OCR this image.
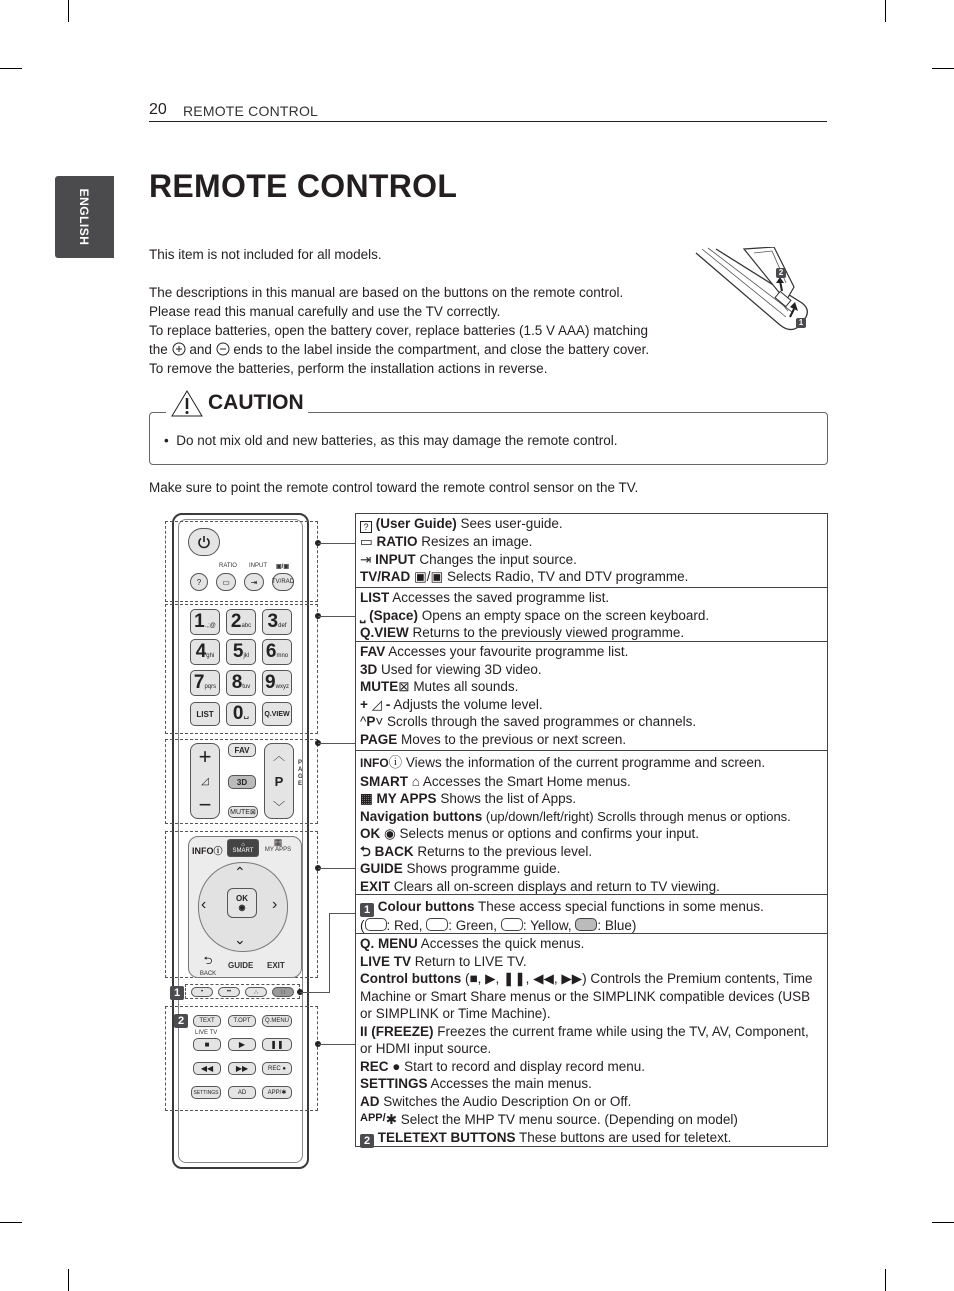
20 REMOTE CONTROL
ENGLISH
REMOTE CONTROL
This item is not included for all models.
The descriptions in this manual are based on the buttons on the remote control.
Please read this manual carefully and use the TV correctly.
To replace batteries, open the battery cover, replace batteries (1.5 V AAA) matching
the and ends to the label inside the compartment, and close the battery cover.
To remove the batteries, perform the installation actions in reverse.
2
1
CAUTION
•  Do not mix old and new batteries, as this may damage the remote control.
Make sure to point the remote control toward the remote control sensor on the TV.
RATIO INPUT ▣/▣
?	▭	⇥ TV/RAD
1.,;@ 2abc 3def
4ghi 5jkl 6mno
7pqrs 8tuv 9wxyz
LIST	0 ␣	Q.VIEW
+
◿
−
FAV
3D
MUTE ⊠
︿
P
﹀
PAGE
INFOⓘ
⌂
SMART
▦
MY APPS
⌃
⌃
‹	›
OK
◉
⮌
BACK
GUIDE EXIT
1	•	••	∴	∷
2	TEXT	T.OPT	Q.MENU
LIVE TV
■	▶	❚❚
◀◀	▶▶	REC
●
SETTINGS	AD	APP/ ✱

? (User Guide) Sees user-guide.

▭ RATIO Resizes an image.

⇥ INPUT Changes the input source.

TV/RAD ▣/▣ Selects Radio, TV and DTV programme.

LIST Accesses the saved programme list.

⎵ (Space) Opens an empty space on the screen keyboard.

Q.VIEW Returns to the previously viewed programme.

FAV Accesses your favourite programme list.

3D Used for viewing 3D video.

MUTE⊠ Mutes all sounds.

+ ◿ - Adjusts the volume level.

^P˅ Scrolls through the saved programmes or channels.

PAGE Moves to the previous or next screen.

INFOⓘ Views the information of the current programme and screen.

SMART ⌂ Accesses the Smart Home menus.

▦ MY APPS Shows the list of Apps.

Navigation buttons (up/down/left/right) Scrolls through menus or options.

OK ◉ Selects menus or options and confirms your input.

⮌ BACK Returns to the previous level.

GUIDE Shows programme guide.

EXIT Clears all on-screen displays and return to TV viewing.

1 Colour buttons These access special functions in some menus.

( : Red, : Green, : Yellow, : Blue)

Q. MENU Accesses the quick menus.

LIVE TV Return to LIVE TV.

Control buttons (■, ▶, ❚❚, ◀◀, ▶▶) Controls the Premium contents, Time Machine or Smart Share menus or the SIMPLINK compatible devices (USB or SIMPLINK or Time Machine).

II (FREEZE) Freezes the current frame while using the TV, AV, Component, or HDMI input source.

REC ● Start to record and display record menu.

SETTINGS Accesses the main menus.

AD Switches the Audio Description On or Off.

$^{APP/}$✱ Select the MHP TV menu source. (Depending on model)

2 TELETEXT BUTTONS These buttons are used for teletext.
